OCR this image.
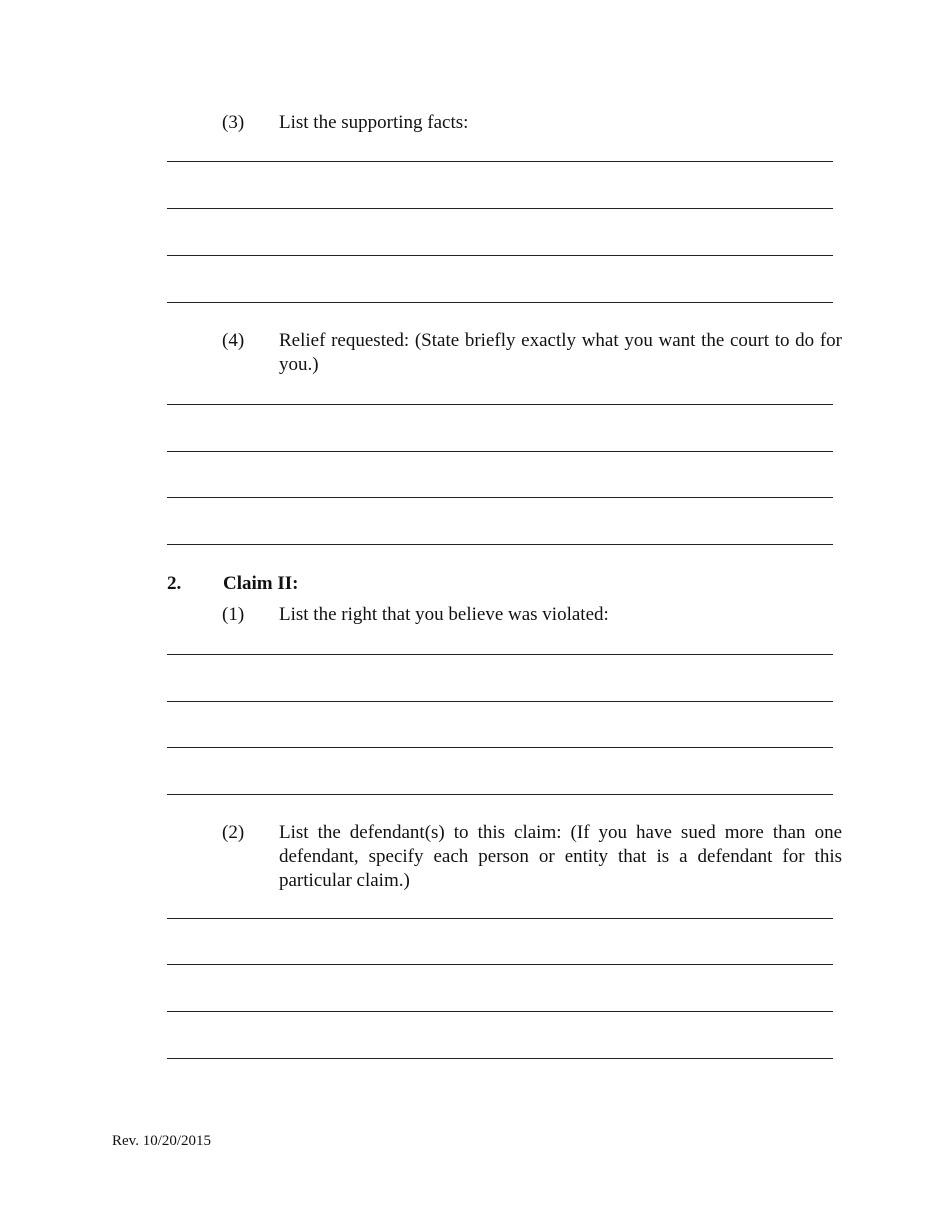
(3) List the supporting facts:
(4) Relief requested: (State briefly exactly what you want the court to do for you.)
2. Claim II:
(1) List the right that you believe was violated:
(2) List the defendant(s) to this claim: (If you have sued more than one defendant, specify each person or entity that is a defendant for this particular claim.)
Rev. 10/20/2015
